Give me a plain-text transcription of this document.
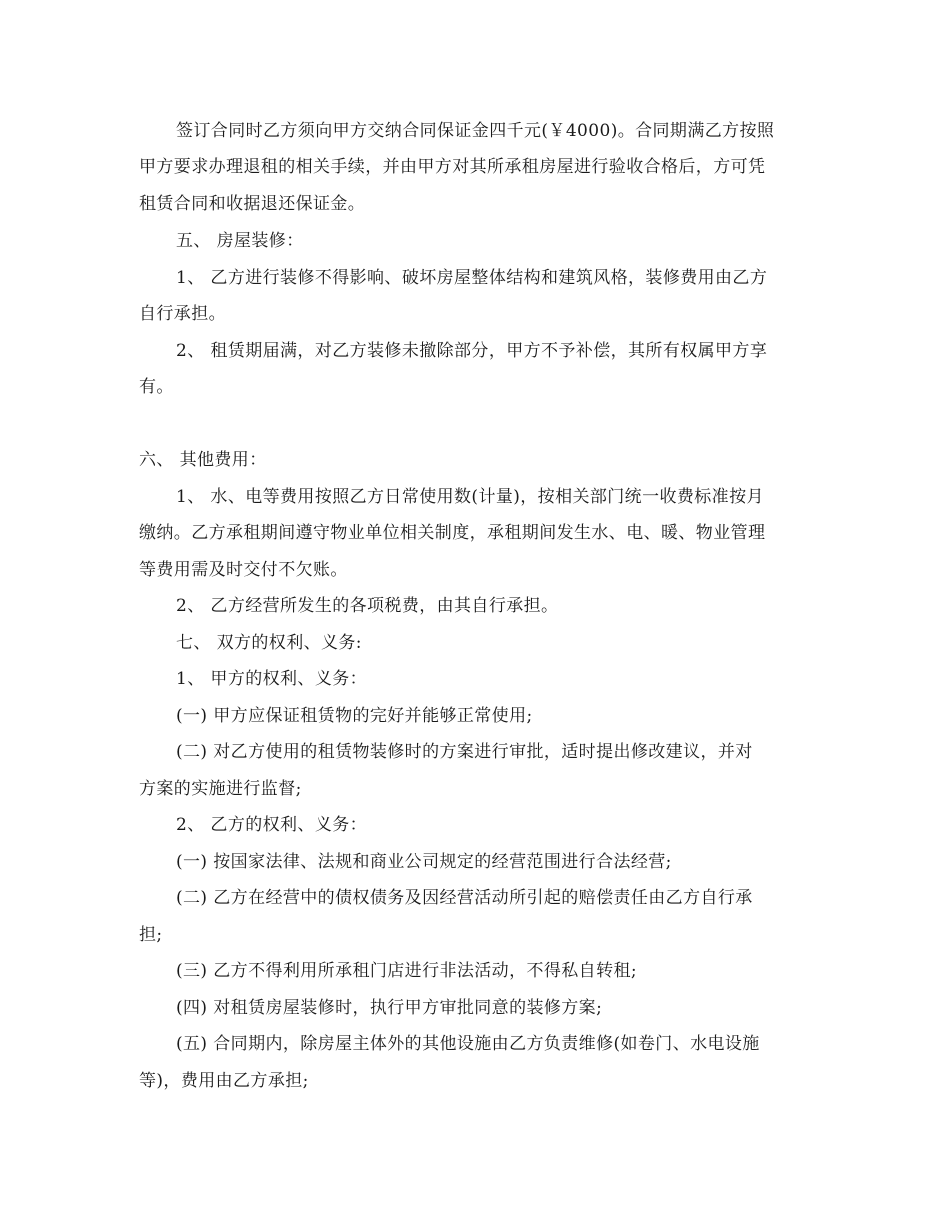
签订合同时乙方须向甲方交纳合同保证金四千元(￥4000)。合同期满乙方按照
甲方要求办理退租的相关手续，并由甲方对其所承租房屋进行验收合格后，方可凭
租赁合同和收据退还保证金。
五、 房屋装修：
1、 乙方进行装修不得影响、破坏房屋整体结构和建筑风格，装修费用由乙方
自行承担。
2、 租赁期届满，对乙方装修未撤除部分，甲方不予补偿，其所有权属甲方享
有。
六、 其他费用：
1、 水、电等费用按照乙方日常使用数(计量)，按相关部门统一收费标准按月
缴纳。乙方承租期间遵守物业单位相关制度，承租期间发生水、电、暖、物业管理
等费用需及时交付不欠账。
2、 乙方经营所发生的各项税费，由其自行承担。
七、 双方的权利、义务:
1、 甲方的权利、义务：
(一) 甲方应保证租赁物的完好并能够正常使用;
(二) 对乙方使用的租赁物装修时的方案进行审批，适时提出修改建议，并对
方案的实施进行监督;
2、 乙方的权利、义务：
(一) 按国家法律、法规和商业公司规定的经营范围进行合法经营;
(二) 乙方在经营中的债权债务及因经营活动所引起的赔偿责任由乙方自行承
担;
(三) 乙方不得利用所承租门店进行非法活动，不得私自转租;
(四) 对租赁房屋装修时，执行甲方审批同意的装修方案;
(五) 合同期内，除房屋主体外的其他设施由乙方负责维修(如卷门、水电设施
等)，费用由乙方承担;
